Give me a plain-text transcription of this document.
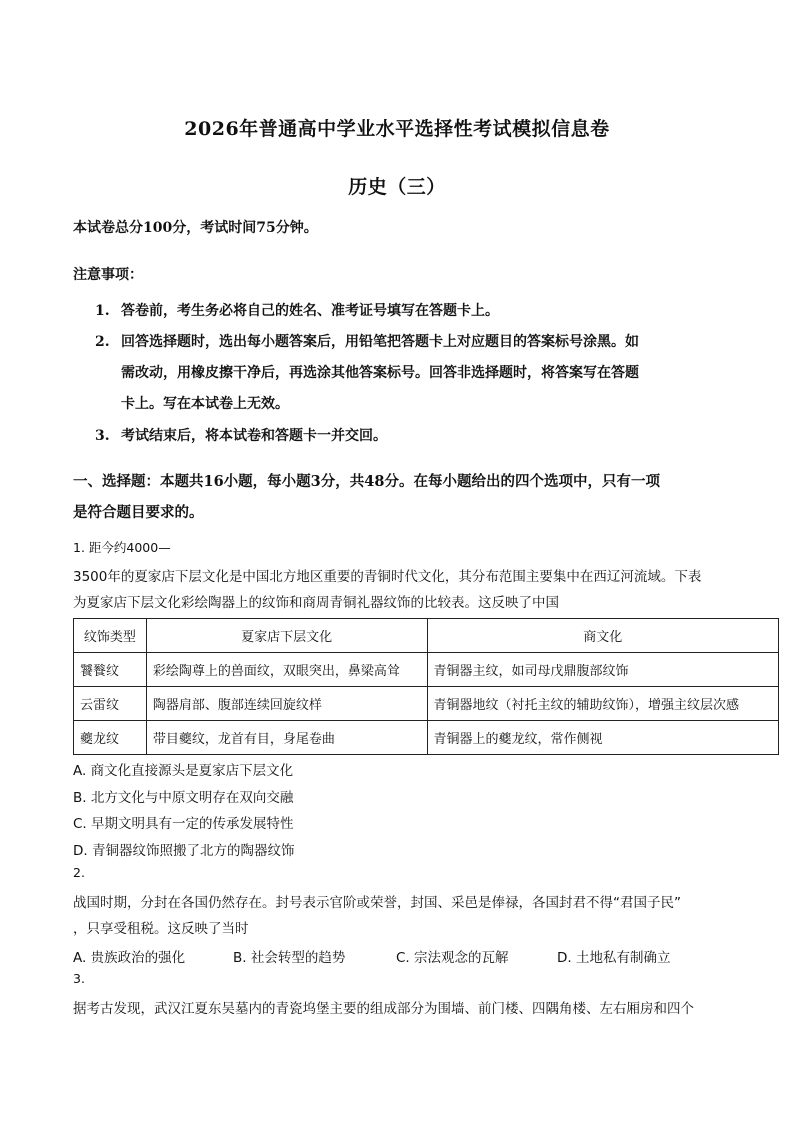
2026年普通高中学业水平选择性考试模拟信息卷
历史（三）
本试卷总分100分，考试时间75分钟。
注意事项：
1. 答卷前，考生务必将自己的姓名、准考证号填写在答题卡上。
2. 回答选择题时，选出每小题答案后，用铅笔把答题卡上对应题目的答案标号涂黑。如
需改动，用橡皮擦干净后，再选涂其他答案标号。回答非选择题时，将答案写在答题
卡上。写在本试卷上无效。
3. 考试结束后，将本试卷和答题卡一并交回。
一、选择题：本题共16小题，每小题3分，共48分。在每小题给出的四个选项中，只有一项
是符合题目要求的。
1. 距今约4000—
3500年的夏家店下层文化是中国北方地区重要的青铜时代文化，其分布范围主要集中在西辽河流域。下表
为夏家店下层文化彩绘陶器上的纹饰和商周青铜礼器纹饰的比较表。这反映了中国
纹饰类型	夏家店下层文化	商文化
饕餮纹	彩绘陶尊上的兽面纹，双眼突出，鼻梁高耸	青铜器主纹，如司母戊鼎腹部纹饰
云雷纹	陶器肩部、腹部连续回旋纹样	青铜器地纹（衬托主纹的辅助纹饰），增强主纹层次感
夔龙纹	带目夔纹，龙首有目，身尾卷曲	青铜器上的夔龙纹，常作侧视
A. 商文化直接源头是夏家店下层文化
B. 北方文化与中原文明存在双向交融
C. 早期文明具有一定的传承发展特性
D. 青铜器纹饰照搬了北方的陶器纹饰
2.
战国时期，分封在各国仍然存在。封号表示官阶或荣誉，封国、采邑是俸禄，各国封君不得“君国子民”
，只享受租税。这反映了当时
A. 贵族政治的强化	B. 社会转型的趋势	C. 宗法观念的瓦解	D. 土地私有制确立
3.
据考古发现，武汉江夏东吴墓内的青瓷坞堡主要的组成部分为围墙、前门楼、四隅角楼、左右厢房和四个
